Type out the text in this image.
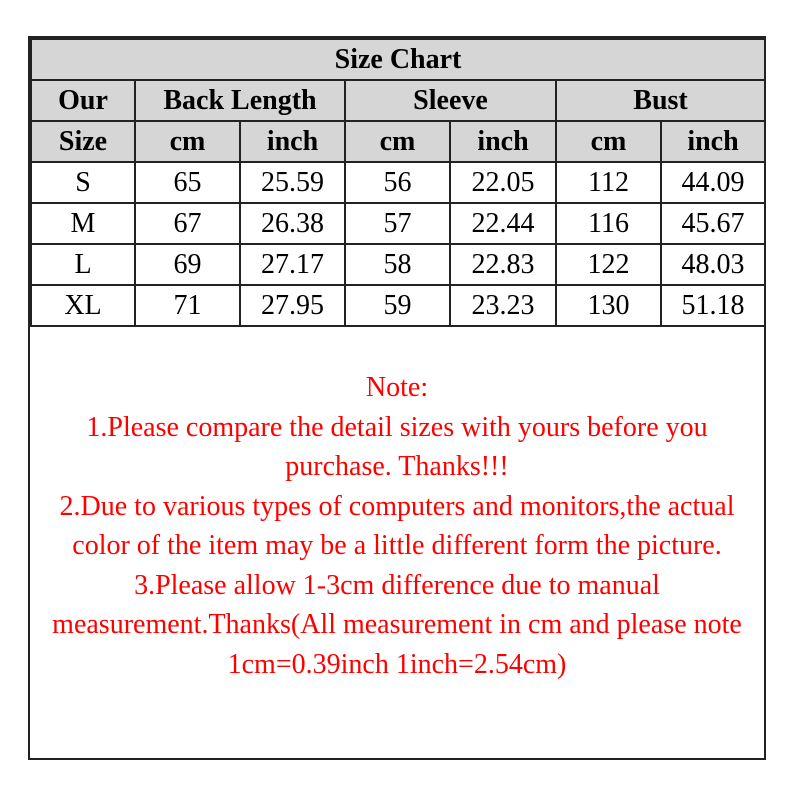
Size Chart						
Our	Back Length		Sleeve		Bust	
Size	cm	inch	cm	inch	cm	inch
S	65	25.59	56	22.05	112	44.09
M	67	26.38	57	22.44	116	45.67
L	69	27.17	58	22.83	122	48.03
XL	71	27.95	59	23.23	130	51.18
Note:
1.Please compare the detail sizes with yours before you purchase. Thanks!!!
2.Due to various types of computers and monitors,the actual color of the item may be a little different form the picture.
3.Please allow 1-3cm difference due to manual measurement.Thanks(All measurement in cm and please note 1cm=0.39inch 1inch=2.54cm)
